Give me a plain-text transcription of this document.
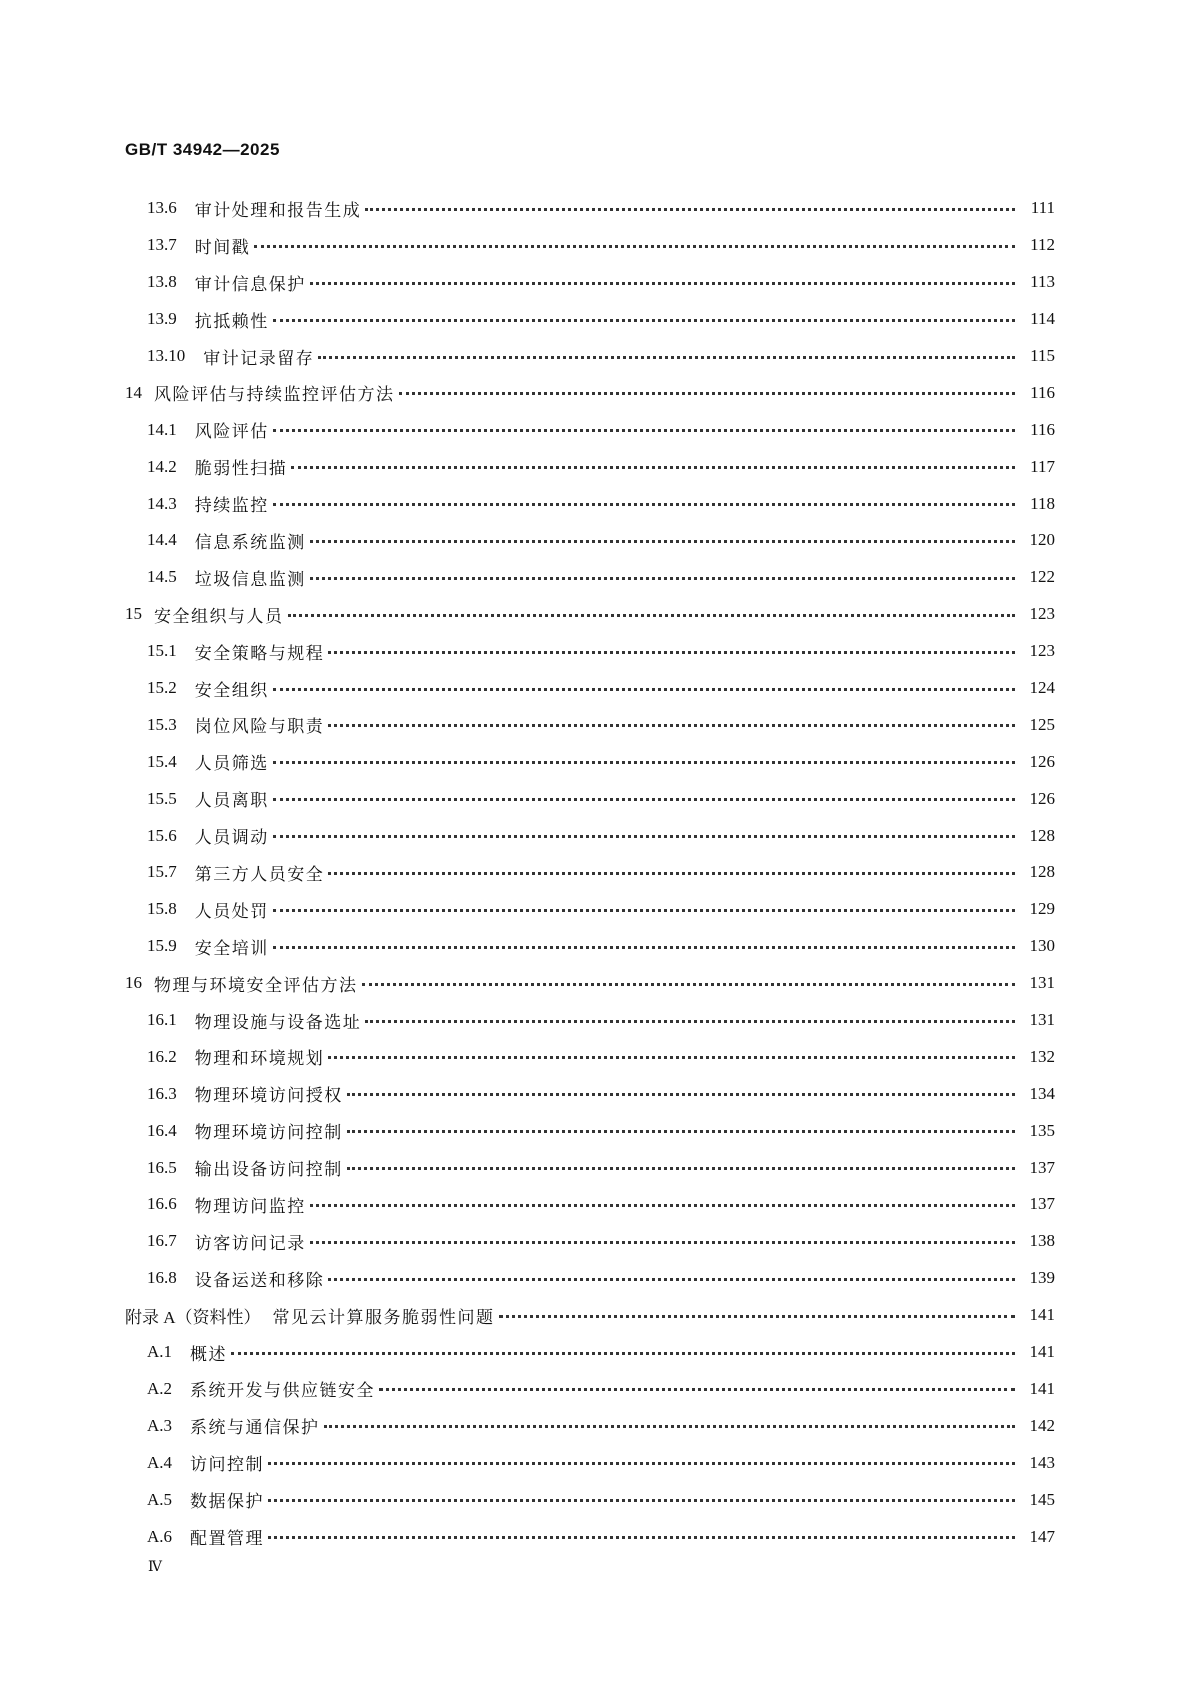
GB/T 34942—2025
13.6 审计处理和报告生成	111
13.7 时间戳	112
13.8 审计信息保护	113
13.9 抗抵赖性	114
13.10 审计记录留存	115
14 风险评估与持续监控评估方法	116
14.1 风险评估	116
14.2 脆弱性扫描	117
14.3 持续监控	118
14.4 信息系统监测	120
14.5 垃圾信息监测	122
15 安全组织与人员	123
15.1 安全策略与规程	123
15.2 安全组织	124
15.3 岗位风险与职责	125
15.4 人员筛选	126
15.5 人员离职	126
15.6 人员调动	128
15.7 第三方人员安全	128
15.8 人员处罚	129
15.9 安全培训	130
16 物理与环境安全评估方法	131
16.1 物理设施与设备选址	131
16.2 物理和环境规划	132
16.3 物理环境访问授权	134
16.4 物理环境访问控制	135
16.5 输出设备访问控制	137
16.6 物理访问监控	137
16.7 访客访问记录	138
16.8 设备运送和移除	139
附录 A（资料性） 常见云计算服务脆弱性问题	141
A.1 概述	141
A.2 系统开发与供应链安全	141
A.3 系统与通信保护	142
A.4 访问控制	143
A.5 数据保护	145
A.6 配置管理	147
Ⅳ
